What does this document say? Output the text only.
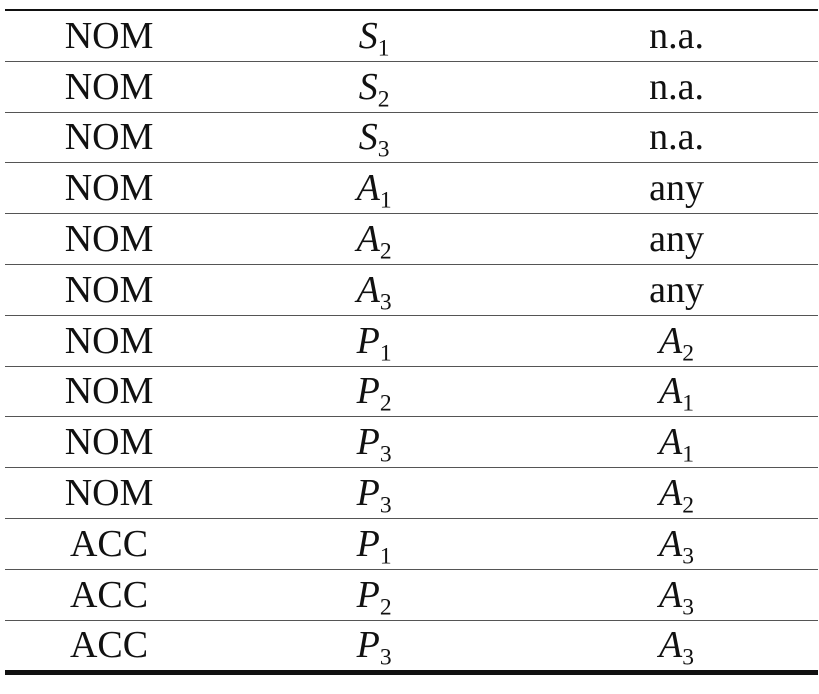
NOM	$S_1$	n.a.
NOM	$S_2$	n.a.
NOM	$S_3$	n.a.
NOM	$A_1$	any
NOM	$A_2$	any
NOM	$A_3$	any
NOM	$P_1$	$A_2$
NOM	$P_2$	$A_1$
NOM	$P_3$	$A_1$
NOM	$P_3$	$A_2$
ACC	$P_1$	$A_3$
ACC	$P_2$	$A_3$
ACC	$P_3$	$A_3$
